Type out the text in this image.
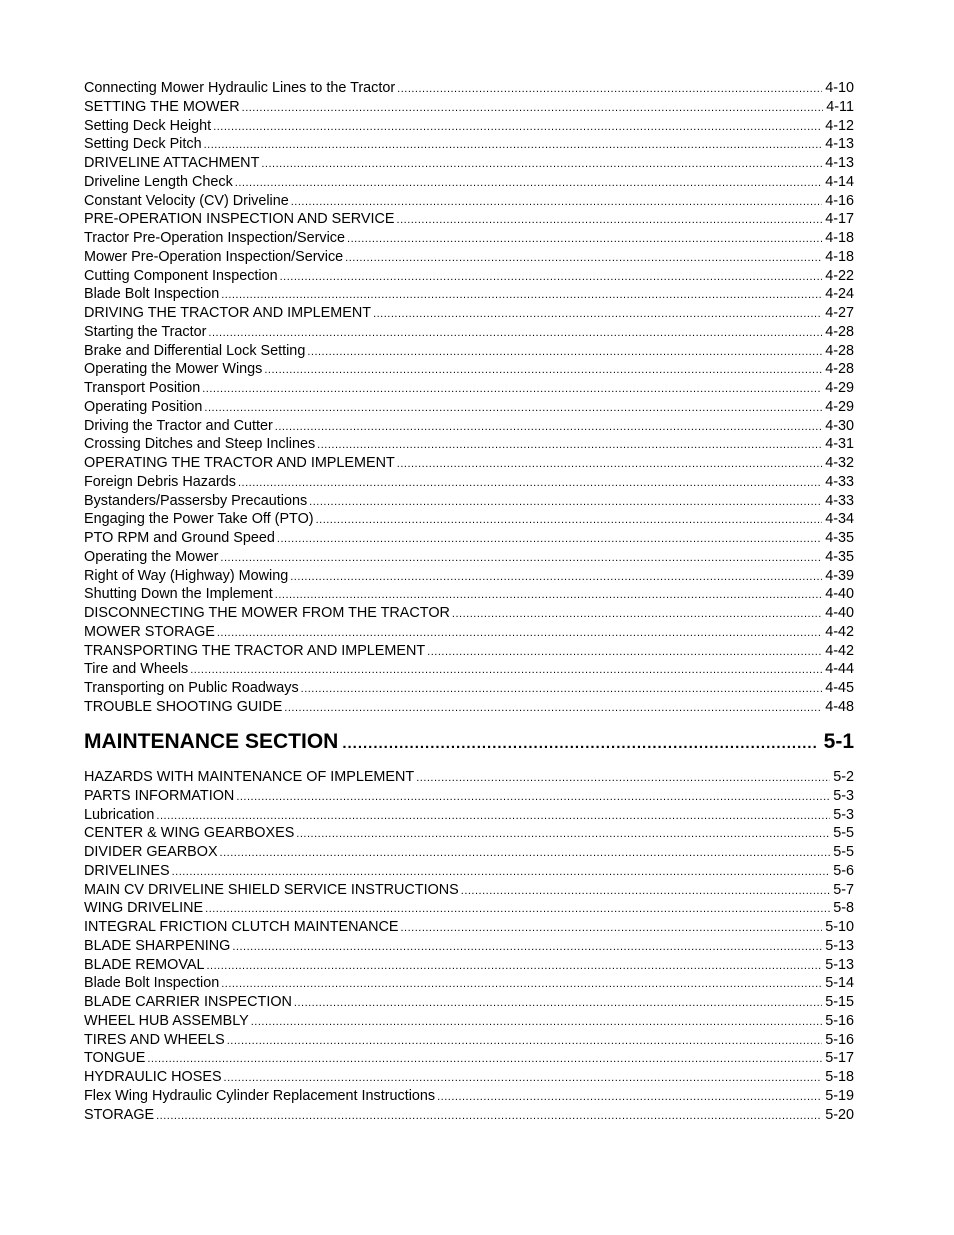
Connecting Mower Hydraulic Lines to the Tractor .....	4-10
SETTING THE MOWER .....	4-11
Setting Deck Height .....	4-12
Setting Deck Pitch .....	4-13
DRIVELINE ATTACHMENT .....	4-13
Driveline Length Check .....	4-14
Constant Velocity (CV) Driveline .....	4-16
PRE-OPERATION INSPECTION AND SERVICE .....	4-17
Tractor Pre-Operation Inspection/Service .....	4-18
Mower Pre-Operation Inspection/Service .....	4-18
Cutting Component Inspection .....	4-22
Blade Bolt Inspection .....	4-24
DRIVING THE TRACTOR AND IMPLEMENT .....	4-27
Starting the Tractor .....	4-28
Brake and Differential Lock Setting .....	4-28
Operating the Mower Wings .....	4-28
Transport Position .....	4-29
Operating Position .....	4-29
Driving the Tractor and Cutter .....	4-30
Crossing Ditches and Steep Inclines .....	4-31
OPERATING THE TRACTOR AND IMPLEMENT .....	4-32
Foreign Debris Hazards .....	4-33
Bystanders/Passersby Precautions .....	4-33
Engaging the Power Take Off (PTO) .....	4-34
PTO RPM and Ground Speed .....	4-35
Operating the Mower .....	4-35
Right of Way (Highway) Mowing .....	4-39
Shutting Down the Implement .....	4-40
DISCONNECTING THE MOWER FROM THE TRACTOR .....	4-40
MOWER STORAGE .....	4-42
TRANSPORTING THE TRACTOR AND IMPLEMENT .....	4-42
Tire and Wheels .....	4-44
Transporting on Public Roadways .....	4-45
TROUBLE SHOOTING GUIDE .....	4-48
MAINTENANCE SECTION .....	5-1
HAZARDS WITH MAINTENANCE OF IMPLEMENT .....	5-2
PARTS INFORMATION .....	5-3
Lubrication .....	5-3
CENTER & WING GEARBOXES .....	5-5
DIVIDER GEARBOX .....	5-5
DRIVELINES .....	5-6
MAIN CV DRIVELINE SHIELD SERVICE INSTRUCTIONS .....	5-7
WING DRIVELINE .....	5-8
INTEGRAL FRICTION CLUTCH MAINTENANCE .....	5-10
BLADE SHARPENING .....	5-13
BLADE REMOVAL .....	5-13
Blade Bolt Inspection .....	5-14
BLADE CARRIER INSPECTION .....	5-15
WHEEL HUB ASSEMBLY .....	5-16
TIRES AND WHEELS .....	5-16
TONGUE .....	5-17
HYDRAULIC HOSES .....	5-18
Flex Wing Hydraulic Cylinder Replacement Instructions .....	5-19
STORAGE .....	5-20
